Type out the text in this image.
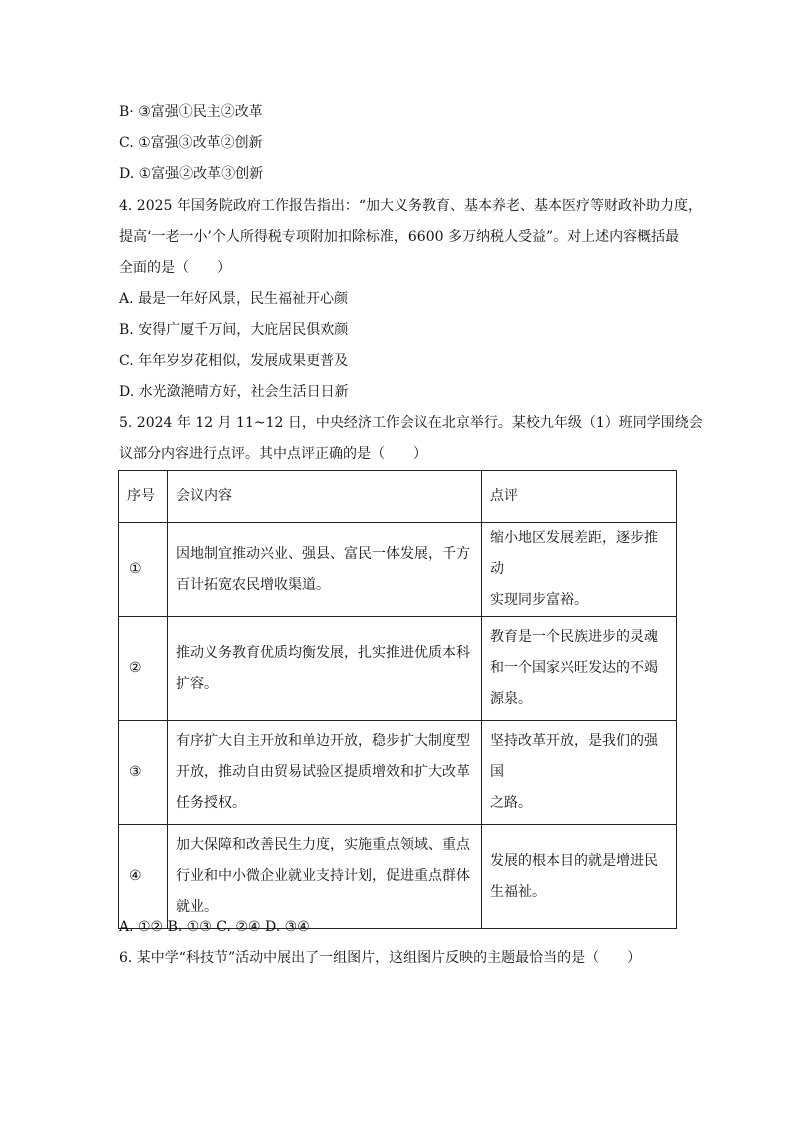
B· ③富强①民主②改革
C. ①富强③改革②创新
D. ①富强②改革③创新
4. 2025 年国务院政府工作报告指出：“加大义务教育、基本养老、基本医疗等财政补助力度，
提高‘一老一小’个人所得税专项附加扣除标准，6600 多万纳税人受益”。对上述内容概括最
全面的是（　　）
A. 最是一年好风景，民生福祉开心颜
B. 安得广厦千万间，大庇居民俱欢颜
C. 年年岁岁花相似，发展成果更普及
D. 水光潋滟晴方好，社会生活日日新
5. 2024 年 12 月 11~12 日，中央经济工作会议在北京举行。某校九年级（1）班同学围绕会
议部分内容进行点评。其中点评正确的是（　　）
序号	会议内容	点评
①	因地制宜推动兴业、强县、富民一体发展，千方
百计拓宽农民增收渠道。	缩小地区发展差距，逐步推动
实现同步富裕。
②	推动义务教育优质均衡发展，扎实推进优质本科
扩容。	教育是一个民族进步的灵魂
和一个国家兴旺发达的不竭
源泉。
③	有序扩大自主开放和单边开放，稳步扩大制度型
开放，推动自由贸易试验区提质增效和扩大改革
任务授权。	坚持改革开放，是我们的强国
之路。
④	加大保障和改善民生力度，实施重点领域、重点
行业和中小微企业就业支持计划，促进重点群体
就业。	发展的根本目的就是增进民
生福祉。
A. ①② B. ①③ C. ②④ D. ③④
6. 某中学“科技节”活动中展出了一组图片，这组图片反映的主题最恰当的是（　　）
